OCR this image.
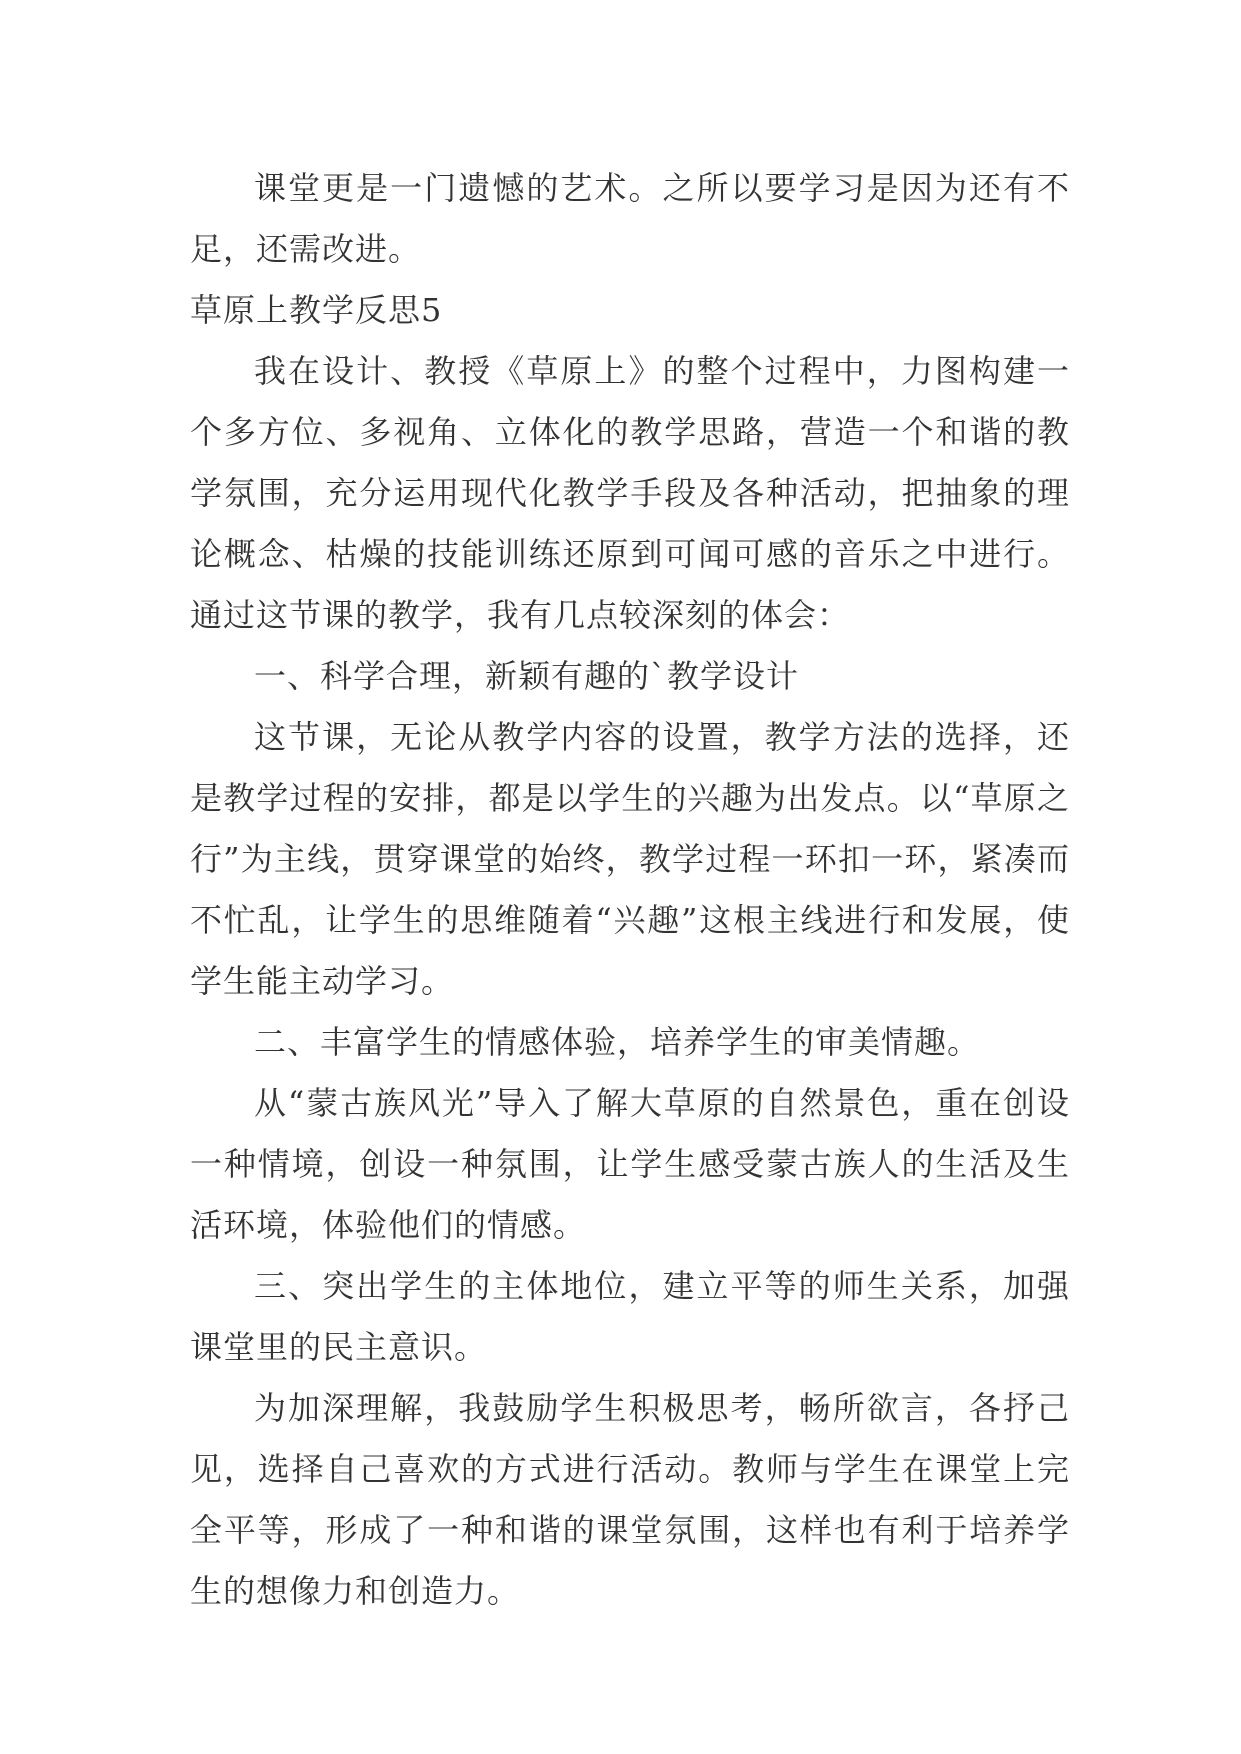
课堂更是一门遗憾的艺术。之所以要学习是因为还有不足，还需改进。

草原上教学反思5

我在设计、教授《草原上》的整个过程中，力图构建一个多方位、多视角、立体化的教学思路，营造一个和谐的教学氛围，充分运用现代化教学手段及各种活动，把抽象的理论概念、枯燥的技能训练还原到可闻可感的音乐之中进行。通过这节课的教学，我有几点较深刻的体会：

一、科学合理，新颖有趣的`教学设计

这节课，无论从教学内容的设置，教学方法的选择，还是教学过程的安排，都是以学生的兴趣为出发点。以“草原之行”为主线，贯穿课堂的始终，教学过程一环扣一环，紧凑而不忙乱，让学生的思维随着“兴趣”这根主线进行和发展，使学生能主动学习。

二、丰富学生的情感体验，培养学生的审美情趣。

从“蒙古族风光”导入了解大草原的自然景色，重在创设一种情境，创设一种氛围，让学生感受蒙古族人的生活及生活环境，体验他们的情感。

三、突出学生的主体地位，建立平等的师生关系，加强课堂里的民主意识。

为加深理解，我鼓励学生积极思考，畅所欲言，各抒己见，选择自己喜欢的方式进行活动。教师与学生在课堂上完全平等，形成了一种和谐的课堂氛围，这样也有利于培养学生的想像力和创造力。
